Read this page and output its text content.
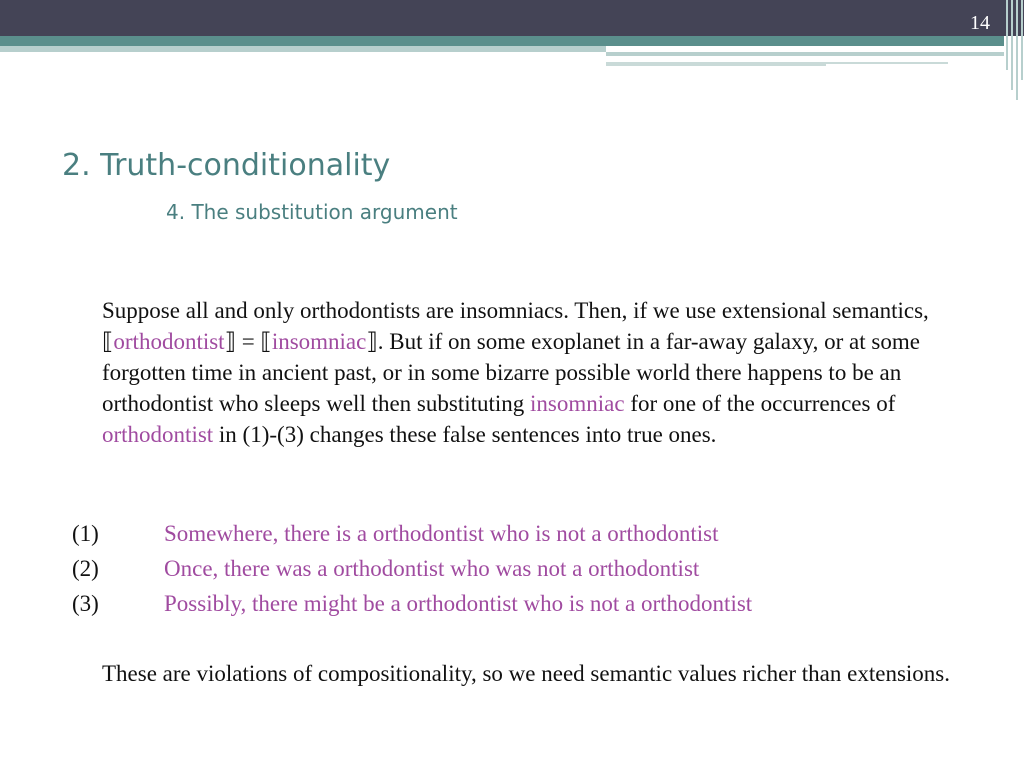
14
2. Truth-conditionality
4. The substitution argument
Suppose all and only orthodontists are insomniacs. Then, if we use extensional semantics, ⟦orthodontist⟧ = ⟦insomniac⟧. But if on some exoplanet in a far-away galaxy, or at some forgotten time in ancient past, or in some bizarre possible world there happens to be an orthodontist who sleeps well then substituting insomniac for one of the occurrences of orthodontist in (1)-(3) changes these false sentences into true ones.
(1)	Somewhere, there is a orthodontist who is not a orthodontist
(2)	Once, there was a orthodontist who was not a orthodontist
(3)	Possibly, there might be a orthodontist who is not a orthodontist
These are violations of compositionality, so we need semantic values richer than extensions.
